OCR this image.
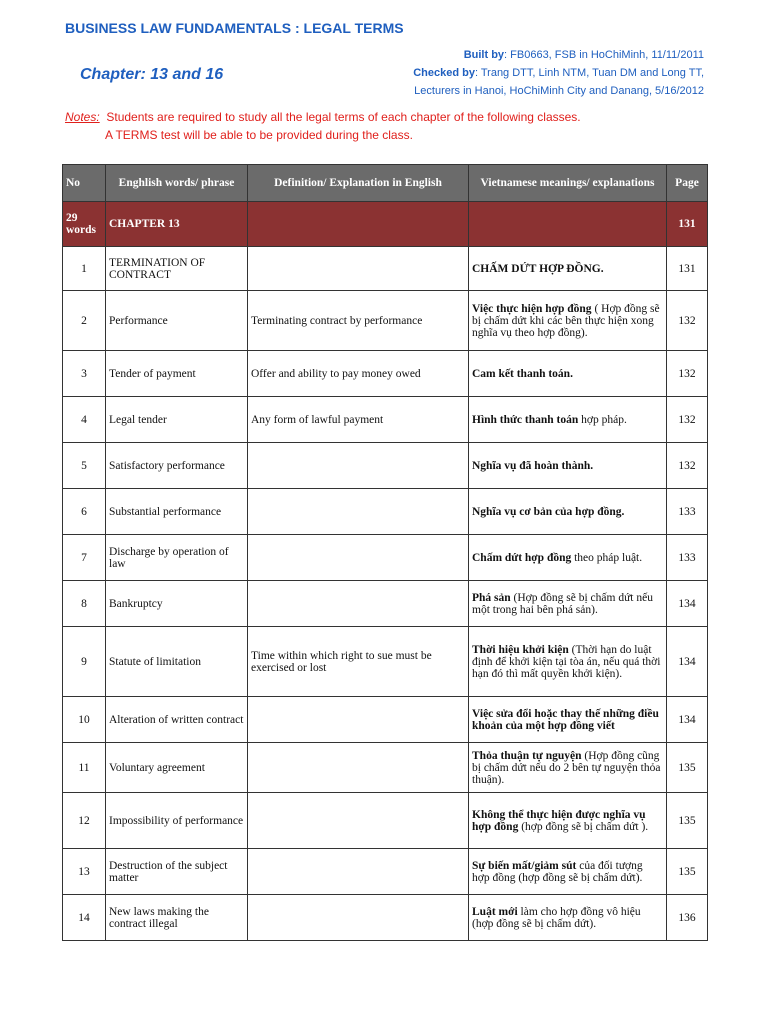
BUSINESS LAW FUNDAMENTALS : LEGAL TERMS
Chapter: 13 and 16
Built by: FB0663, FSB in HoChiMinh, 11/11/2011
Checked by: Trang DTT, Linh NTM, Tuan DM and Long TT,
Lecturers in Hanoi, HoChiMinh City and Danang, 5/16/2012
Notes: Students are required to study all the legal terms of each chapter of the following classes.
A TERMS test will be able to be provided during the class.
No	Enghlish words/ phrase	Definition/ Explanation in English	Vietnamese meanings/ explanations	Page
29 words	CHAPTER 13			131
1	TERMINATION OF CONTRACT		CHẤM DỨT HỢP ĐỒNG.	131
2	Performance	Terminating contract by performance	Việc thực hiện hợp đồng ( Hợp đồng sẽ bị chấm dứt khi các bên thực hiện xong nghĩa vụ theo hợp đồng).	132
3	Tender of payment	Offer and ability to pay money owed	Cam kết thanh toán.	132
4	Legal tender	Any form of lawful payment	Hình thức thanh toán hợp pháp.	132
5	Satisfactory performance		Nghĩa vụ đã hoàn thành.	132
6	Substantial performance		Nghĩa vụ cơ bản của hợp đồng.	133
7	Discharge by operation of law		Chấm dứt hợp đồng theo pháp luật.	133
8	Bankruptcy		Phá sản (Hợp đồng sẽ bị chấm dứt nếu một trong hai bên phá sản).	134
9	Statute of limitation	Time within which right to sue must be exercised or lost	Thời hiệu khởi kiện (Thời hạn do luật định để khởi kiện tại tòa án, nếu quá thời hạn đó thì mất quyền khởi kiện).	134
10	Alteration of written contract		Việc sửa đổi hoặc thay thế những điều khoản của một hợp đồng viết	134
11	Voluntary agreement		Thỏa thuận tự nguyện (Hợp đồng cũng bị chấm dứt nếu do 2 bên tự nguyện thỏa thuận).	135
12	Impossibility of performance		Không thể thực hiện được nghĩa vụ hợp đồng (hợp đồng sẽ bị chấm dứt ).	135
13	Destruction of the subject matter		Sự biến mất/giảm sút của đối tượng hợp đồng (hợp đồng sẽ bị chấm dứt).	135
14	New laws making the contract illegal		Luật mới làm cho hợp đồng vô hiệu (hợp đồng sẽ bị chấm dứt).	136
